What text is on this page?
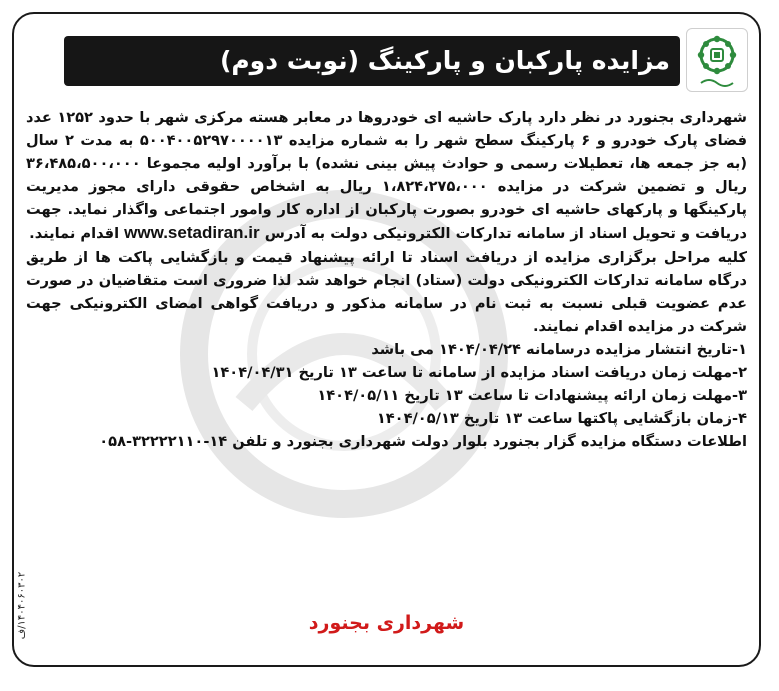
مزایده پارکبان و پارکینگ (نوبت دوم)

شهرداری بجنورد در نظر دارد پارک حاشیه ای خودروها در معابر هسته مرکزی شهر با حدود ۱۲۵۲ عدد فضای پارک خودرو و ۶ پارکینگ سطح شهر را به شماره مزایده ۵۰۰۴۰۰۵۲۹۷۰۰۰۰۱۳ به مدت ۲ سال (به جز جمعه ها، تعطیلات رسمی و حوادث پیش بینی نشده) با برآورد اولیه مجموعا ۳۶،۴۸۵،۵۰۰،۰۰۰ ریال و تضمین شرکت در مزایده ۱،۸۲۴،۲۷۵،۰۰۰ ریال به اشخاص حقوقی دارای مجوز مدیریت پارکینگها و پارکهای حاشیه ای خودرو بصورت پارکبان از اداره کار وامور اجتماعی واگذار نماید. جهت دریافت و تحویل اسناد از سامانه تدارکات الکترونیکی دولت به آدرس www.setadiran.ir اقدام نمایند.

کلیه مراحل برگزاری مزایده از دریافت اسناد تا ارائه پیشنهاد قیمت و بازگشایی پاکت ها از طریق درگاه سامانه تدارکات الکترونیکی دولت (ستاد) انجام خواهد شد لذا ضروری است متقاضیان در صورت عدم عضویت قبلی نسبت به ثبت نام در سامانه مذکور و دریافت گواهی امضای الکترونیکی جهت شرکت در مزایده اقدام نمایند.

۱-تاریخ انتشار مزایده درسامانه ۱۴۰۴/۰۴/۲۴ می باشد

۲-مهلت زمان دریافت اسناد مزایده از سامانه تا ساعت ۱۳ تاریخ ۱۴۰۴/۰۴/۳۱

۳-مهلت زمان ارائه پیشنهادات تا ساعت ۱۳ تاریخ ۱۴۰۴/۰۵/۱۱

۴-زمان بازگشایی پاکتها ساعت ۱۳ تاریخ ۱۴۰۴/۰۵/۱۳

اطلاعات دستگاه مزایده گزار بجنورد بلوار دولت شهرداری بجنورد و تلفن ۱۴-۳۲۲۲۲۱۱۰-۰۵۸

شهرداری بجنورد
۱۴۰۴۰۶۰۳۰۲/ف
